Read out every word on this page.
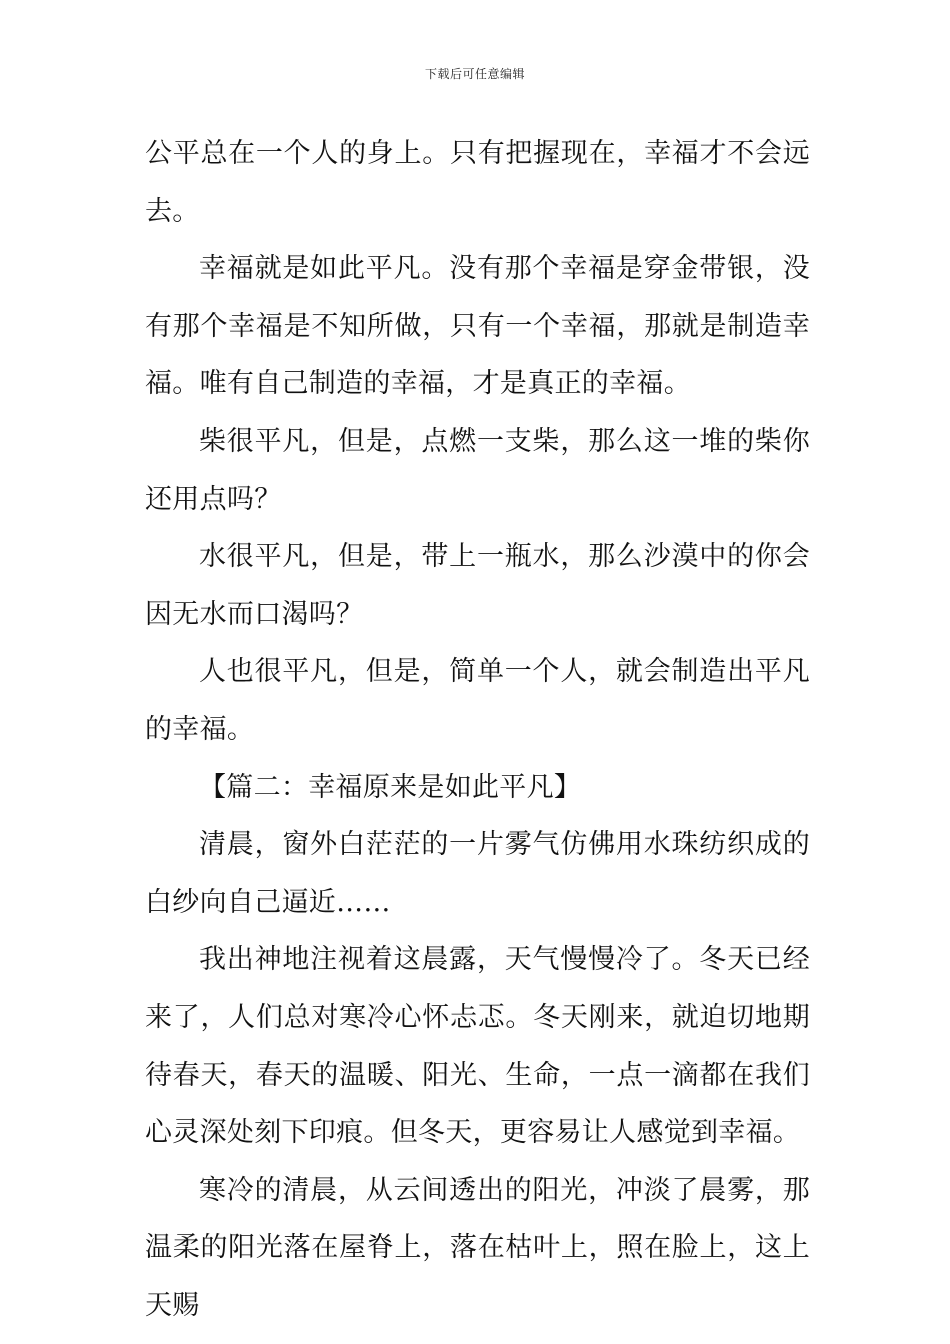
下载后可任意编辑

公平总在一个人的身上。只有把握现在，幸福才不会远去。

幸福就是如此平凡。没有那个幸福是穿金带银，没有那个幸福是不知所做，只有一个幸福，那就是制造幸福。唯有自己制造的幸福，才是真正的幸福。

柴很平凡，但是，点燃一支柴，那么这一堆的柴你还用点吗？

水很平凡，但是，带上一瓶水，那么沙漠中的你会因无水而口渴吗？

人也很平凡，但是，简单一个人，就会制造出平凡的幸福。

【篇二：幸福原来是如此平凡】

清晨，窗外白茫茫的一片雾气仿佛用水珠纺织成的白纱向自己逼近……

我出神地注视着这晨露，天气慢慢冷了。冬天已经来了，人们总对寒冷心怀忐忑。冬天刚来，就迫切地期待春天，春天的温暖、阳光、生命，一点一滴都在我们心灵深处刻下印痕。但冬天，更容易让人感觉到幸福。

寒冷的清晨，从云间透出的阳光，冲淡了晨雾，那温柔的阳光落在屋脊上，落在枯叶上，照在脸上，这上天赐
